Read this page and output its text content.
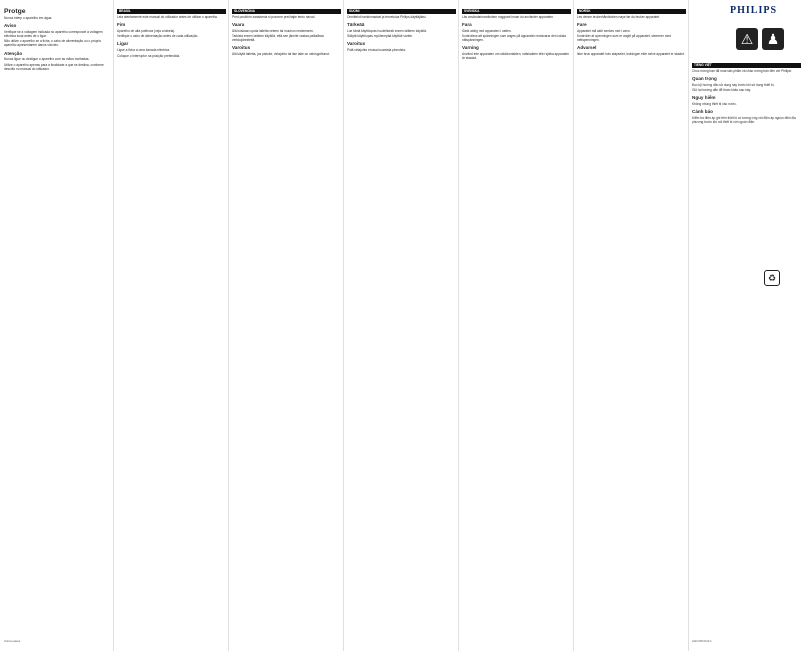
PHILIPS
Protge

Nunca interp o aparelho em água.

Aviso

Verifique se a voltagem indicada no aparelho corresponde à voltagem eléctrica local antes de o ligar.

Não utilize o aparelho se a ficha, o cabo de alimentação ou o próprio aparelho apresentarem danos visíveis.

Atenção

Nunca ligue ou desligue o aparelho com as mãos molhadas.

Utilize o aparelho apenas para a finalidade a que se destina, conforme descrito no manual do utilizador.

BRASIL

Leia atentamente este manual do utilizador antes de utilizar o aparelho.

Fim

Aparelho de alta potência (veja a tabela).

Verifique o cabo de alimentação antes de cada utilização.

Ligar

Ligue a ficha a uma tomada eléctrica.

Coloque o interruptor na posição pretendida.

SLOVENČINA

Pred použitím zariadenia si pozorne prečítajte tento návod.

Vaara

Älä koskaan upota laitetta veteen tai muuhun nesteeseen.

Tarkista ennen laitteen käyttöä, että sen jännite vastaa paikallista verkkojännitettä.

Varoitus

Älä käytä laitetta, jos pistoke, virtajohto tai itse laite on vahingoittunut.

SUOMI

Onnittelut hankinnastasi ja tervetuloa Philips-käyttäjäksi.

Tärkeää

Lue tämä käyttöopas huolellisesti ennen laitteen käyttöä.

Säilytä käyttöopas myöhempää käyttöä varten.

Varoitus

Pidä virtajohto erossa kuumista pinnoista.

SVENSKA

Läs användarhandboken noggrant innan du använder apparaten.

Fara

Sänk aldrig ned apparaten i vatten.

Kontrollera att spänningen som anges på apparaten motsvarar den lokala nätspänningen.

Varning

Använd inte apparaten om stickkontakten, nätsladden eller själva apparaten är skadad.

NORSK

Les denne brukerhåndboken nøye før du bruker apparatet.

Fare

Apparatet må aldri senkes ned i vann.

Kontroller at spenningen som er angitt på apparatet, stemmer med nettspenningen.

Advarsel

Ikke bruk apparatet hvis støpselet, ledningen eller selve apparatet er skadet.

TIẾNG VIỆT

Chúc mừng bạn đã mua sản phẩm và chào mừng bạn đến với Philips!

Quan trọng

Đọc kỹ hướng dẫn sử dụng này trước khi sử dụng thiết bị.

Giữ lại hướng dẫn để tham khảo sau này.

Nguy hiểm

Không nhúng thiết bị vào nước.

Cảnh báo

Kiểm tra điện áp ghi trên thiết bị có tương ứng với điện áp nguồn điện địa phương trước khi nối thiết bị với nguồn điện.

⚠ ♟
♻
Outros países	4222.005.0123.4
